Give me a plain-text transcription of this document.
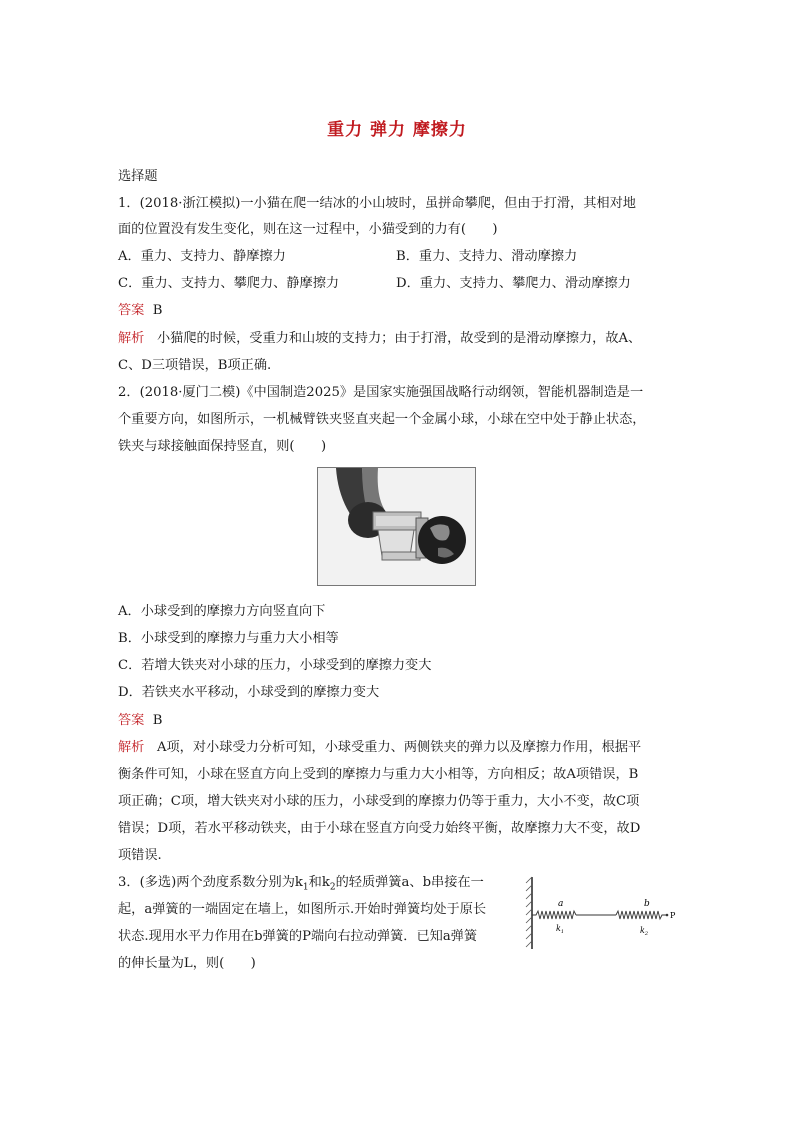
重力 弹力 摩擦力
选择题
1．(2018·浙江模拟)一小猫在爬一结冰的小山坡时，虽拼命攀爬，但由于打滑，其相对地
面的位置没有发生变化，则在这一过程中，小猫受到的力有(　　)
A．重力、支持力、静摩擦力	B．重力、支持力、滑动摩擦力
C．重力、支持力、攀爬力、静摩擦力	D．重力、支持力、攀爬力、滑动摩擦力
答案 B
解析 小猫爬的时候，受重力和山坡的支持力；由于打滑，故受到的是滑动摩擦力，故A、
C、D三项错误，B项正确.
2．(2018·厦门二模)《中国制造2025》是国家实施强国战略行动纲领，智能机器制造是一
个重要方向，如图所示，一机械臂铁夹竖直夹起一个金属小球，小球在空中处于静止状态，
铁夹与球接触面保持竖直，则(　　)
A．小球受到的摩擦力方向竖直向下
B．小球受到的摩擦力与重力大小相等
C．若增大铁夹对小球的压力，小球受到的摩擦力变大
D．若铁夹水平移动，小球受到的摩擦力变大
答案 B
解析 A项，对小球受力分析可知，小球受重力、两侧铁夹的弹力以及摩擦力作用，根据平
衡条件可知，小球在竖直方向上受到的摩擦力与重力大小相等，方向相反；故A项错误，B
项正确；C项，增大铁夹对小球的压力，小球受到的摩擦力仍等于重力，大小不变，故C项
错误；D项，若水平移动铁夹，由于小球在竖直方向受力始终平衡，故摩擦力大不变，故D
项错误.
3．(多选)两个劲度系数分别为$k_1$和$k_2$的轻质弹簧a、b串接在一
起，a弹簧的一端固定在墙上，如图所示.开始时弹簧均处于原长
状态.现用水平力作用在b弹簧的P端向右拉动弹簧．已知a弹簧
的伸长量为L，则(　　)
a	b
$k_1$	$k_2$
P
